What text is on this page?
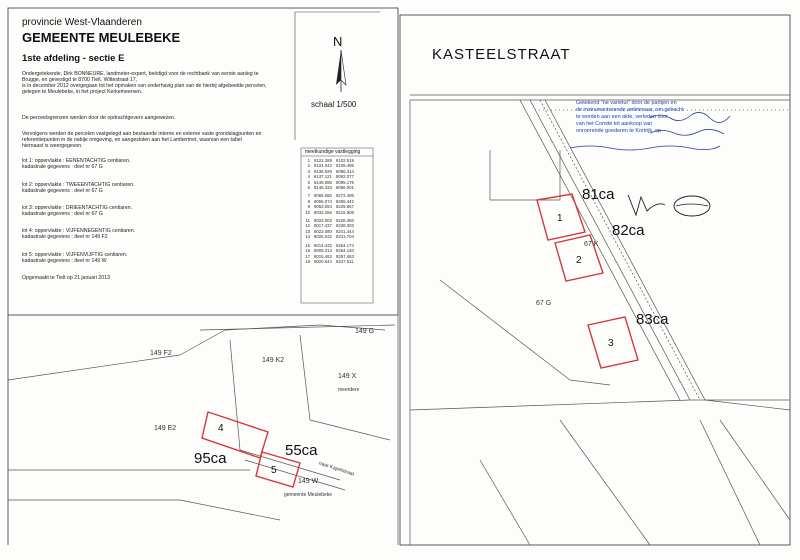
provincie West-Vlaanderen
GEMEENTE MEULEBEKE
1ste afdeling - sectie E
Ondergetekende, Dirk BONNEURE, landmeter-expert, beëdigd voor de rechtbank van eerste aanleg te
Brugge, en gevestigd te 8700 Tielt, Wittestraat 17,
is in december 2012 overgegaan tot het opmaken van onderhavig plan van de hierbij afgebeelde percelen,
gelegen te Meulebeke, in het project Kerkemeersen.
De perceelsgrenzen werden door de opdrachtgevers aangewezen.
Vervolgens werden de percelen vastgelegd aan bestaande interne en externe vaste grondslagpunten en
referentiepunten in de nabije omgeving, en aangesloten aan het Lambertnet, waarvan een tabel
hiernaast is weergegeven.
lot 1: oppervlakte : EENENTACHTIG centiaren.
kadastrale gegevens : deel nr 67 G
lot 2: oppervlakte : TWEEENTACHTIG centiaren.
kadastrale gegevens : deel nr 67 G
lot 3: oppervlakte : DRIEENTACHTIG centiaren.
kadastrale gegevens : deel nr 67 G
lot 4: oppervlakte : VIJFENNEGENTIG centiaren.
kadastrale gegevens : deel nr 149 F2
lot 5: oppervlakte : VIJFENVIJFTIG centiaren.
kadastrale gegevens : deel nr 149 W
Opgemaakt te Tielt op 21 januari 2013
N
schaal 1/500
meetkundige vastlegging
1 8121.289 8102.519
2 8124.042 8106.495
3 8138.929 8096.314
4 8137.121 8092.077
5 8149.086 8095.175
6 8146.333 8086.001
7 8065.650 8272.495
8 8066.074 8255.442
9 8053.094 8229.667
10 8032.256 8215.908
11 8022.003 8228.356
12 8017.437 8238.303
13 8023.080 8241.444
14 8025.022 8231.704
15 8014.422 8264.174
16 8009.314 8264.140
17 8015.482 8257.463
18 8020.644 8247.511
KASTEELSTRAAT
Getekend "ne varietur" door de partijen en
de instrumenterende ambtenaar, om gehecht
te worden aan een akte, verleden voor
van het Comité tot aankoop van
onroerende goederen te Kortrijk, op
81ca
82ca
83ca
67 K
67 G
1
2
3
149 F2
149 K2
149 G
149 X
meerdere
149 E2
149 W
gemeente Meulebeke
naar Kapelstraat
95ca	55ca
4
5
